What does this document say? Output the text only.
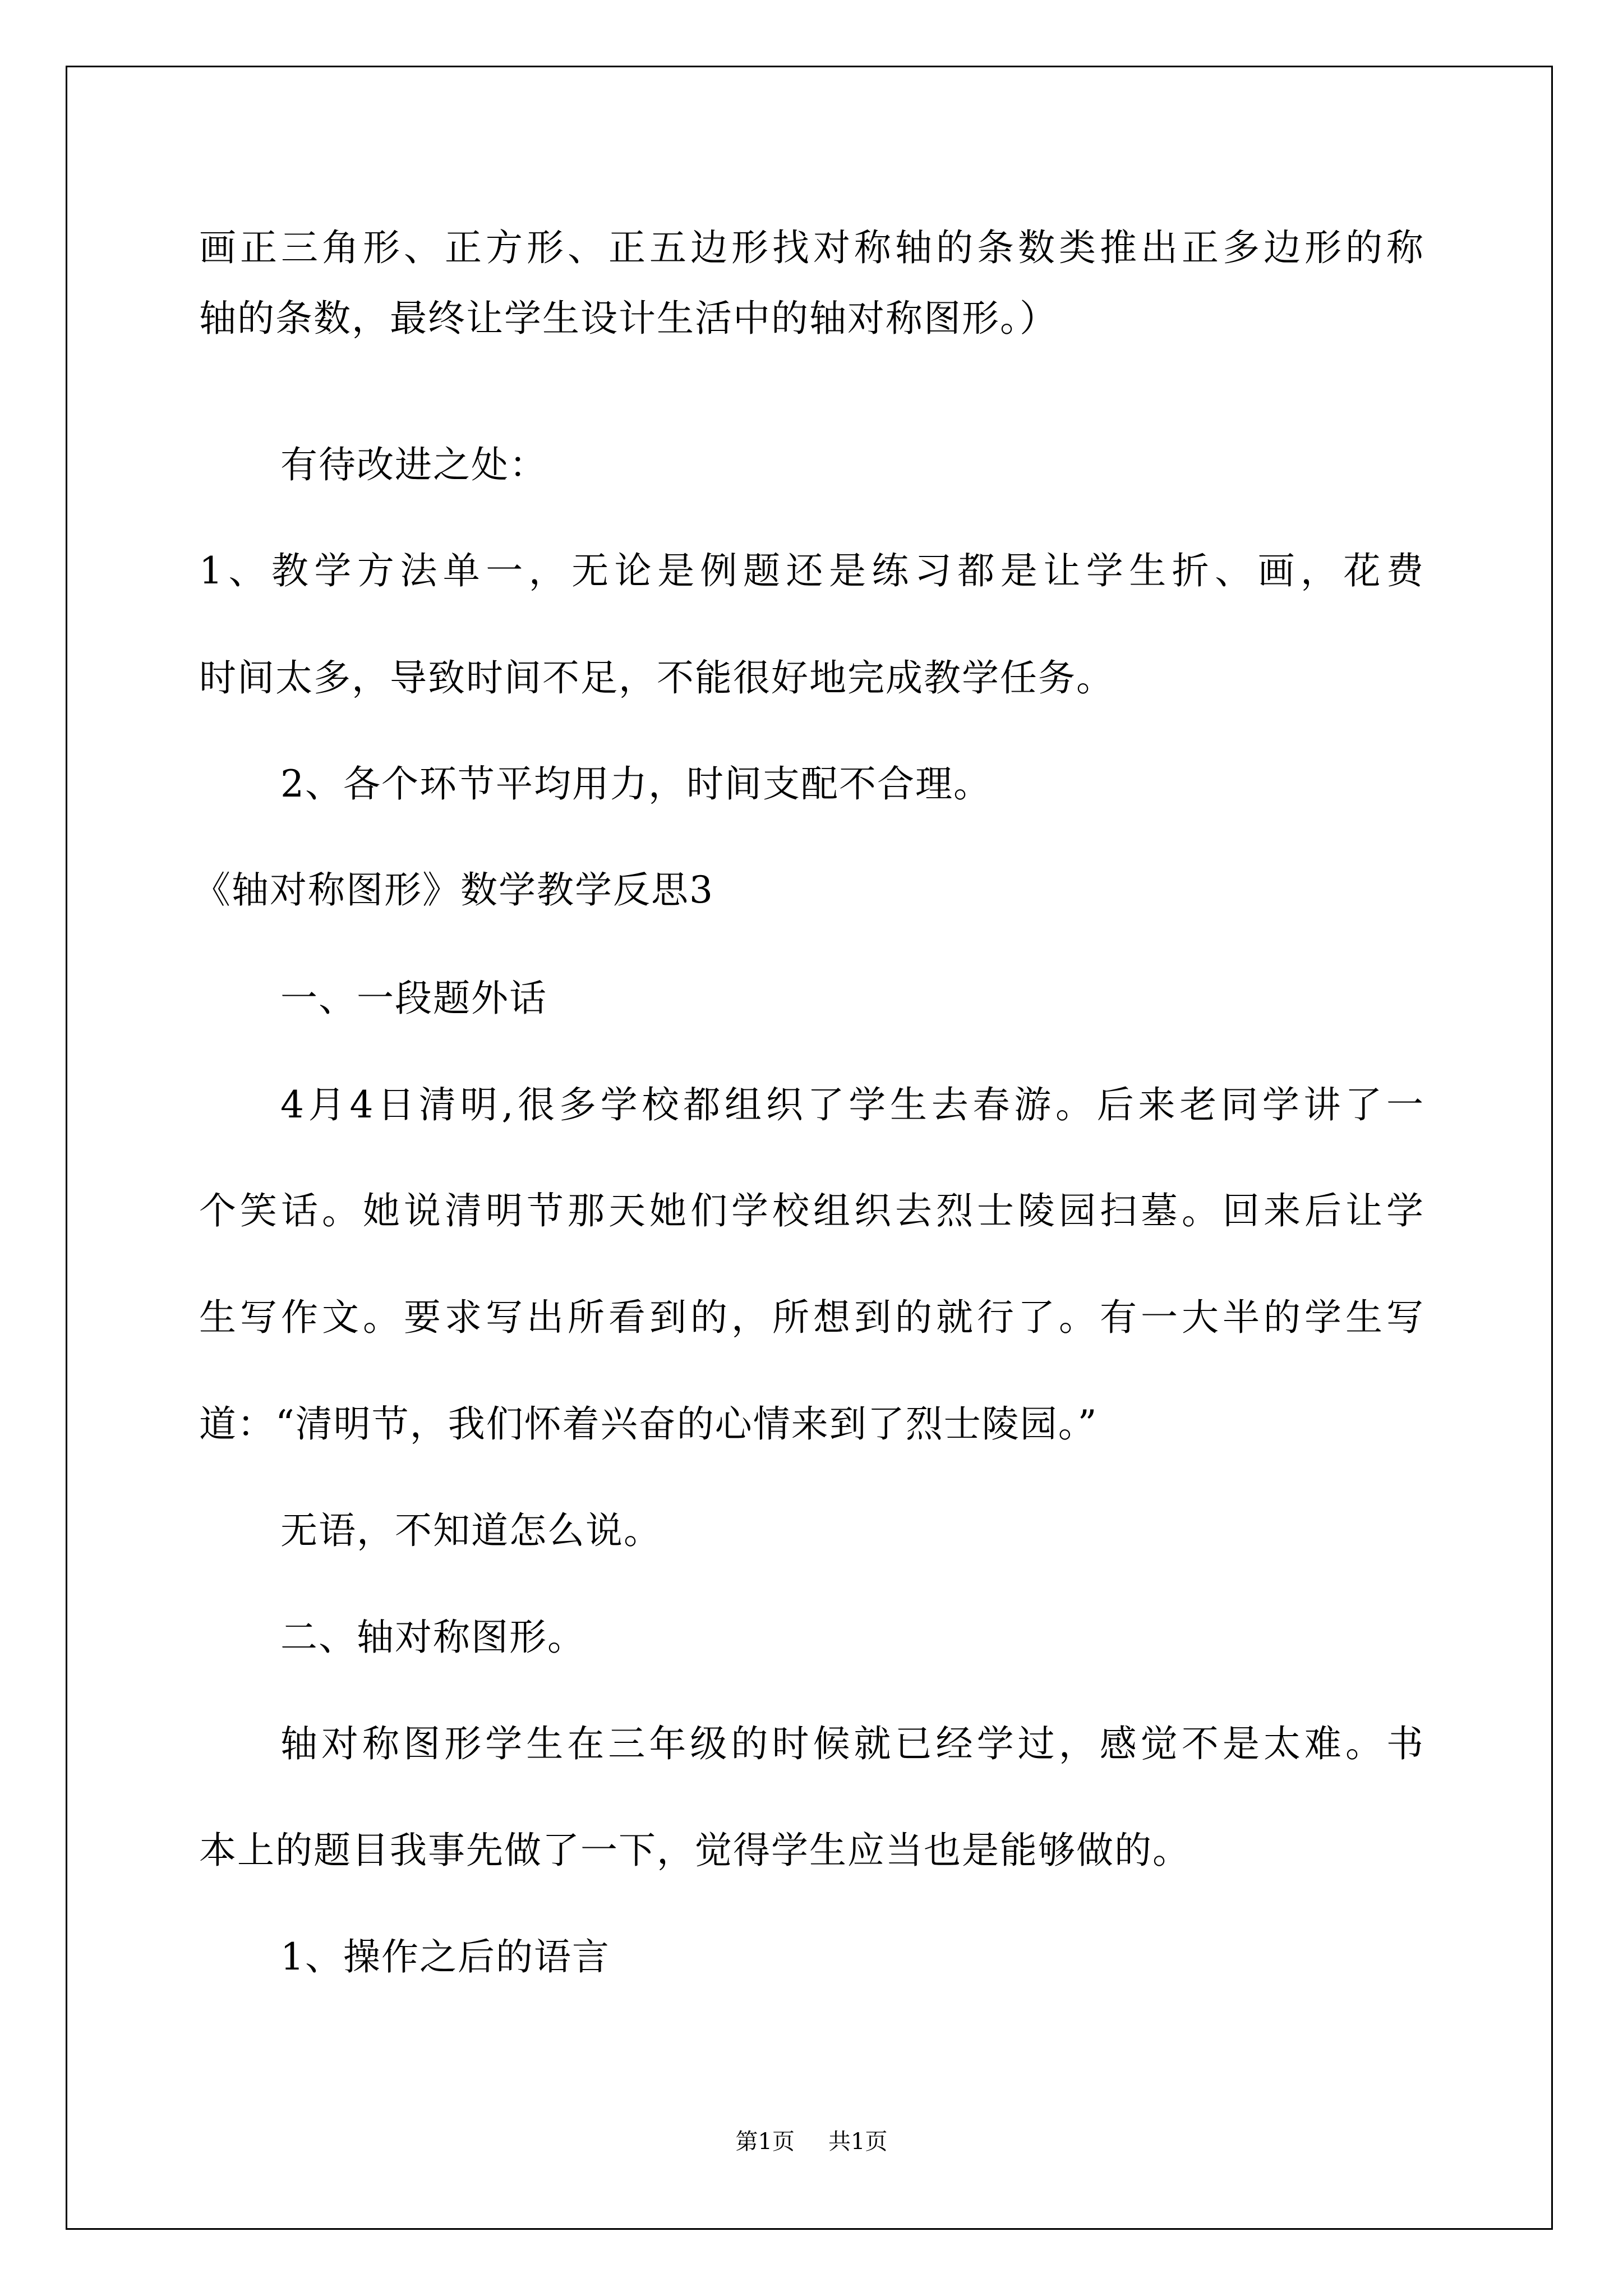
画正三角形、正方形、正五边形找对称轴的条数类推出正多边形的称
轴的条数，最终让学生设计生活中的轴对称图形。）
有待改进之处：
1、教学方法单一，无论是例题还是练习都是让学生折、画，花费
时间太多，导致时间不足，不能很好地完成教学任务。
2、各个环节平均用力，时间支配不合理。
《轴对称图形》数学教学反思3
一、一段题外话
4月4日清明,很多学校都组织了学生去春游。后来老同学讲了一
个笑话。她说清明节那天她们学校组织去烈士陵园扫墓。回来后让学
生写作文。要求写出所看到的，所想到的就行了。有一大半的学生写
道：“清明节，我们怀着兴奋的心情来到了烈士陵园。”
无语，不知道怎么说。
二、轴对称图形。
轴对称图形学生在三年级的时候就已经学过，感觉不是太难。书
本上的题目我事先做了一下，觉得学生应当也是能够做的。
1、操作之后的语言
第1页 共1页
